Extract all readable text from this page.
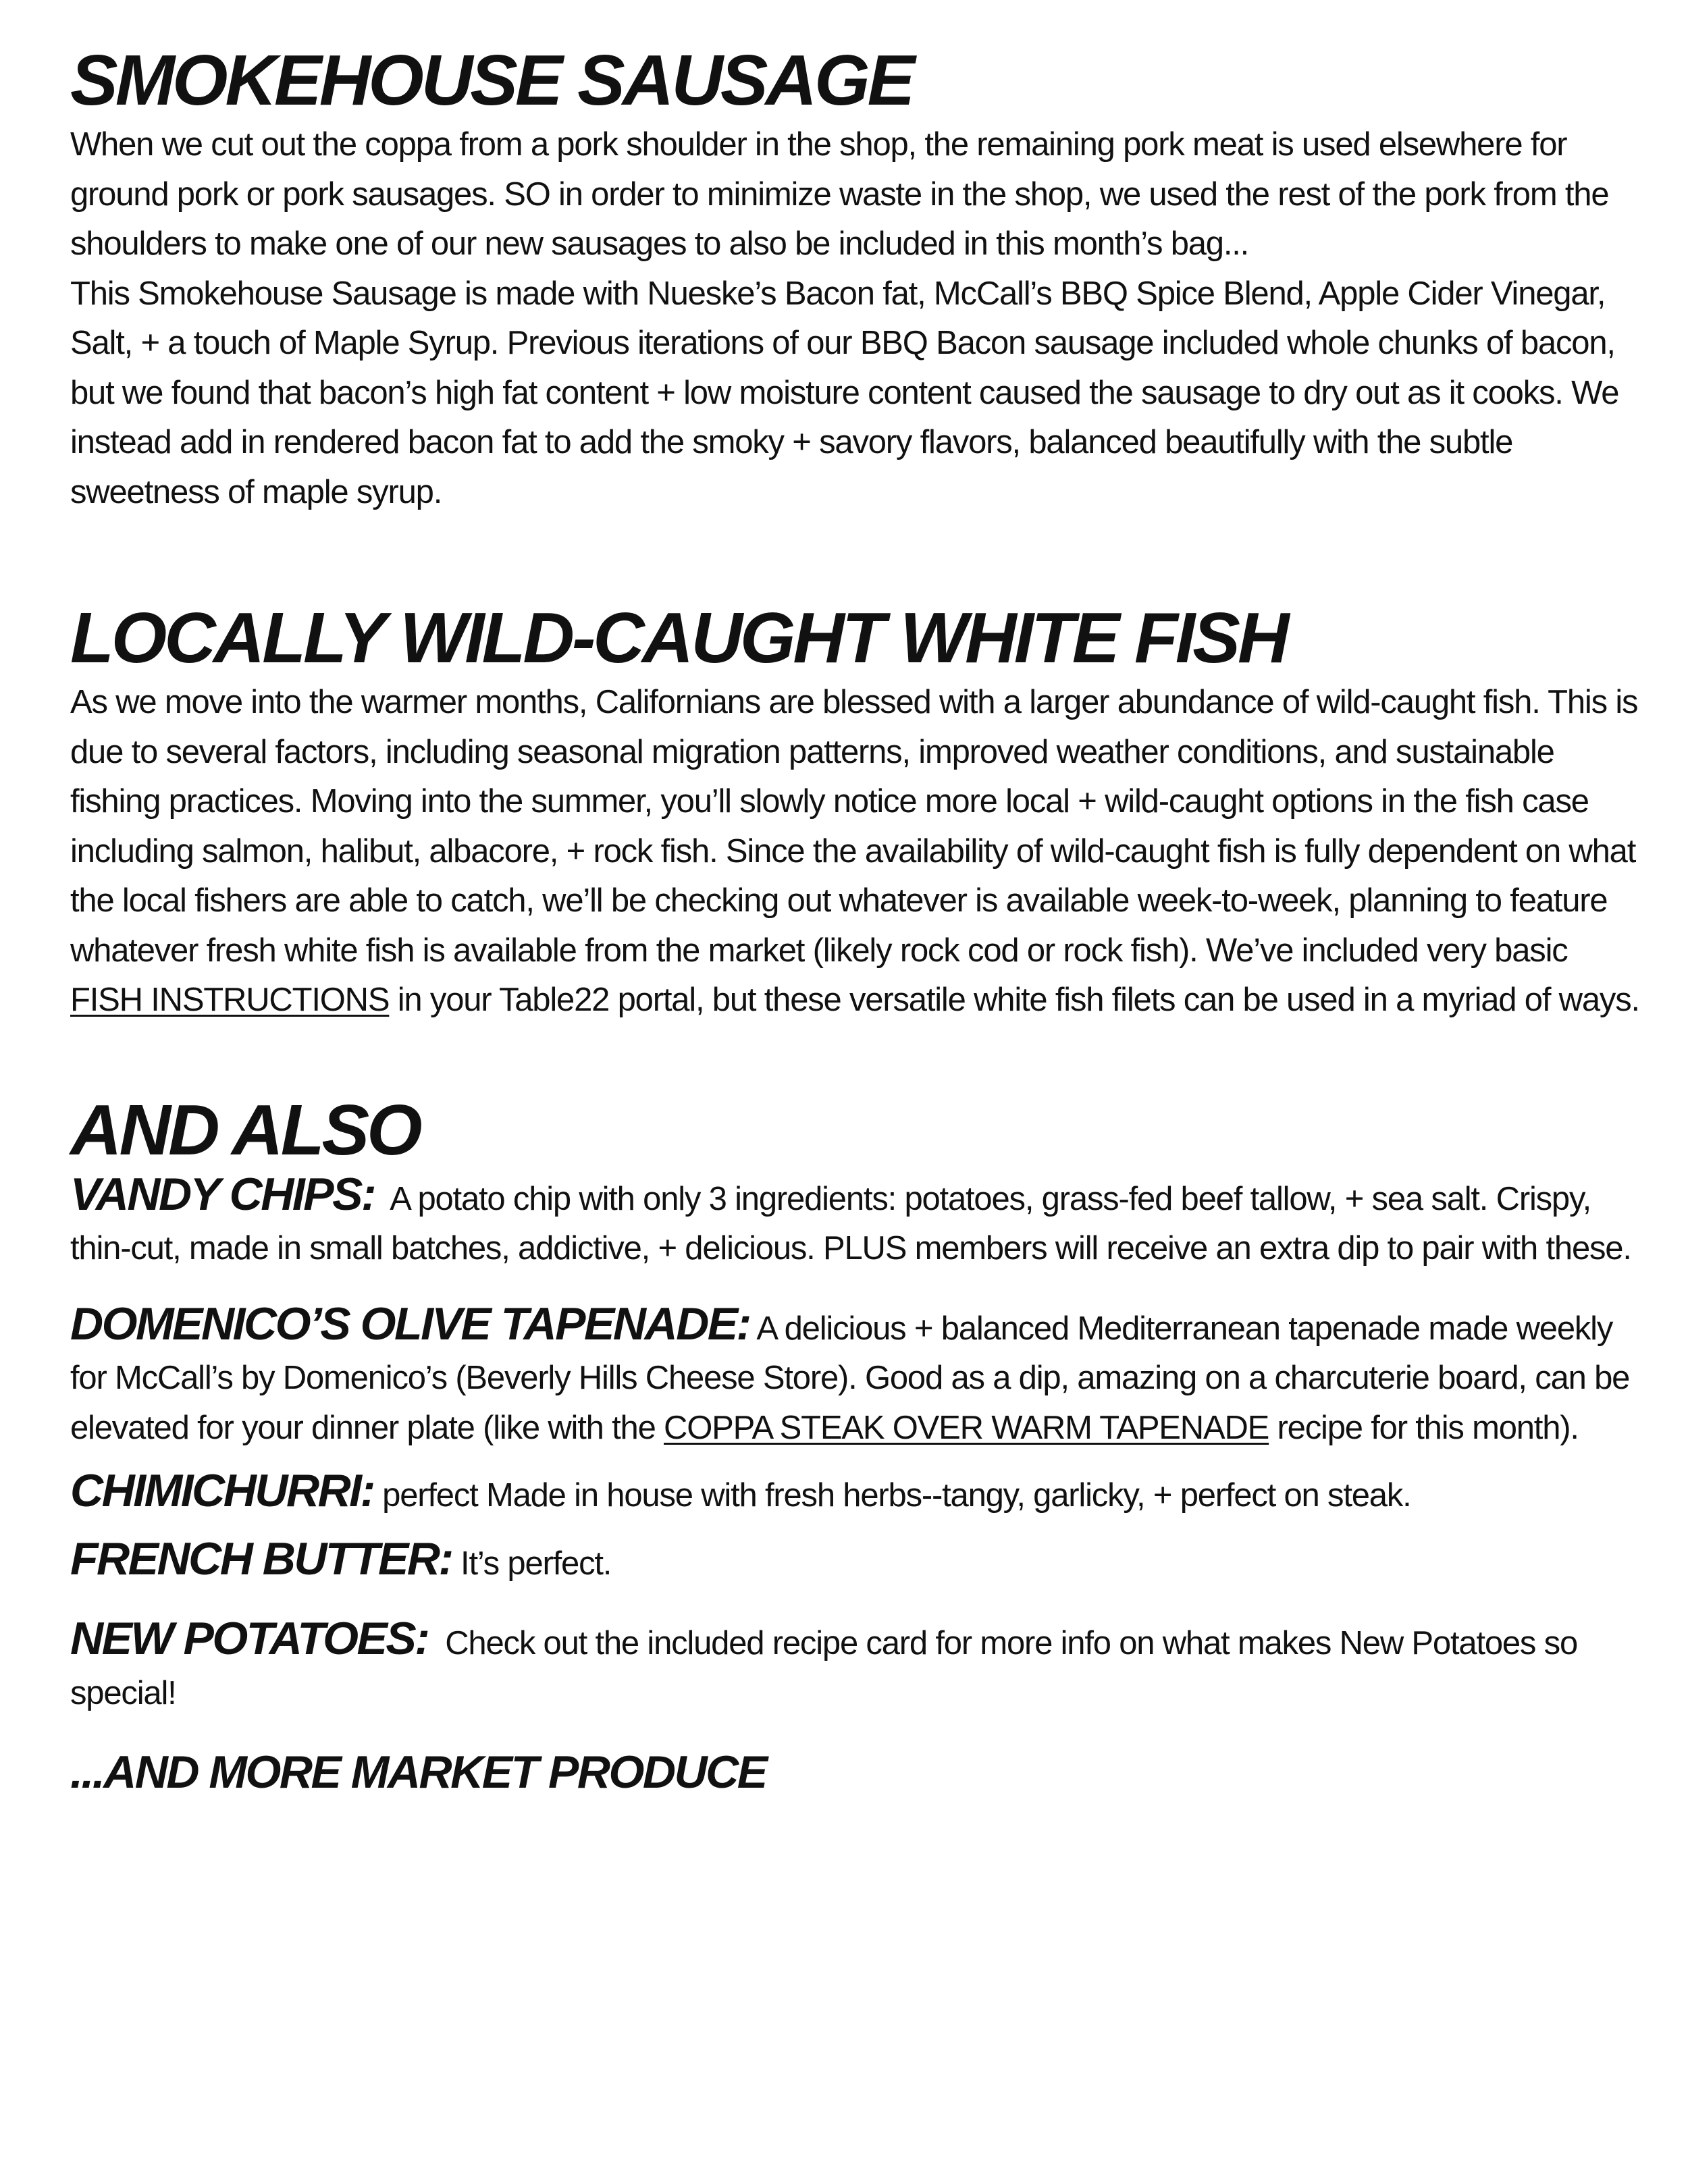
SMOKEHOUSE SAUSAGE

When we cut out the coppa from a pork shoulder in the shop, the remaining pork meat is used elsewhere for ground pork or pork sausages. SO in order to minimize waste in the shop, we used the rest of the pork from the shoulders to make one of our new sausages to also be included in this month’s bag...

This Smokehouse Sausage is made with Nueske’s Bacon fat, McCall’s BBQ Spice Blend, Apple Cider Vinegar, Salt, + a touch of Maple Syrup. Previous iterations of our BBQ Bacon sausage included whole chunks of bacon, but we found that bacon’s high fat content + low moisture content caused the sausage to dry out as it cooks. We instead add in rendered bacon fat to add the smoky + savory flavors, balanced beautifully with the subtle sweetness of maple syrup.

LOCALLY WILD-CAUGHT WHITE FISH

As we move into the warmer months, Californians are blessed with a larger abundance of wild-caught fish. This is due to several factors, including seasonal migration patterns, improved weather conditions, and sustainable fishing practices. Moving into the summer, you’ll slowly notice more local + wild-caught options in the fish case including salmon, halibut, albacore, + rock fish. Since the availability of wild-caught fish is fully dependent on what the local fishers are able to catch, we’ll be checking out whatever is available week-to-week, planning to feature whatever fresh white fish is available from the market (likely rock cod or rock fish). We’ve included very basic FISH INSTRUCTIONS in your Table22 portal, but these versatile white fish filets can be used in a myriad of ways.

AND ALSO

VANDY CHIPS: A potato chip with only 3 ingredients: potatoes, grass-fed beef tallow, + sea salt. Crispy, thin-cut, made in small batches, addictive, + delicious. PLUS members will receive an extra dip to pair with these.

DOMENICO’S OLIVE TAPENADE: A delicious + balanced Mediterranean tapenade made weekly for McCall’s by Domenico’s (Beverly Hills Cheese Store). Good as a dip, amazing on a charcuterie board, can be elevated for your dinner plate (like with the COPPA STEAK OVER WARM TAPENADE recipe for this month).

CHIMICHURRI: perfect Made in house with fresh herbs--tangy, garlicky, + perfect on steak.

FRENCH BUTTER: It’s perfect.

NEW POTATOES: Check out the included recipe card for more info on what makes New Potatoes so special!

...AND MORE MARKET PRODUCE
